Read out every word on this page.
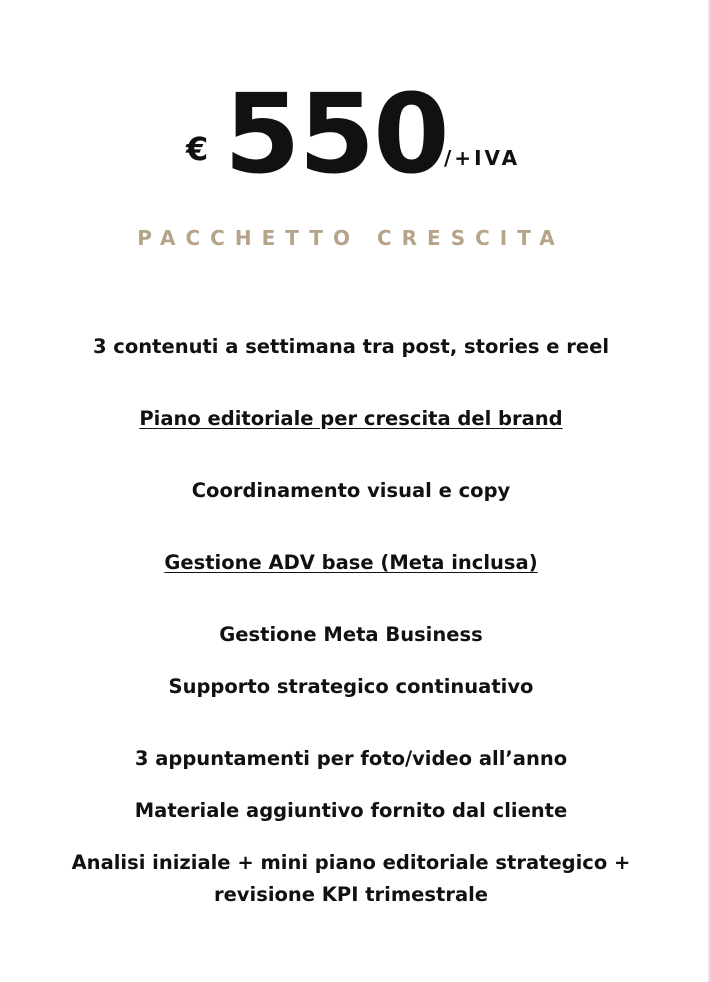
€ 550
/+IVA
PACCHETTO CRESCITA
3 contenuti a settimana tra post, stories e reel
Piano editoriale per crescita del brand
Coordinamento visual e copy
Gestione ADV base (Meta inclusa)
Gestione Meta Business
Supporto strategico continuativo
3 appuntamenti per foto/video all’anno
Materiale aggiuntivo fornito dal cliente
Analisi iniziale + mini piano editoriale strategico + revisione KPI trimestrale
